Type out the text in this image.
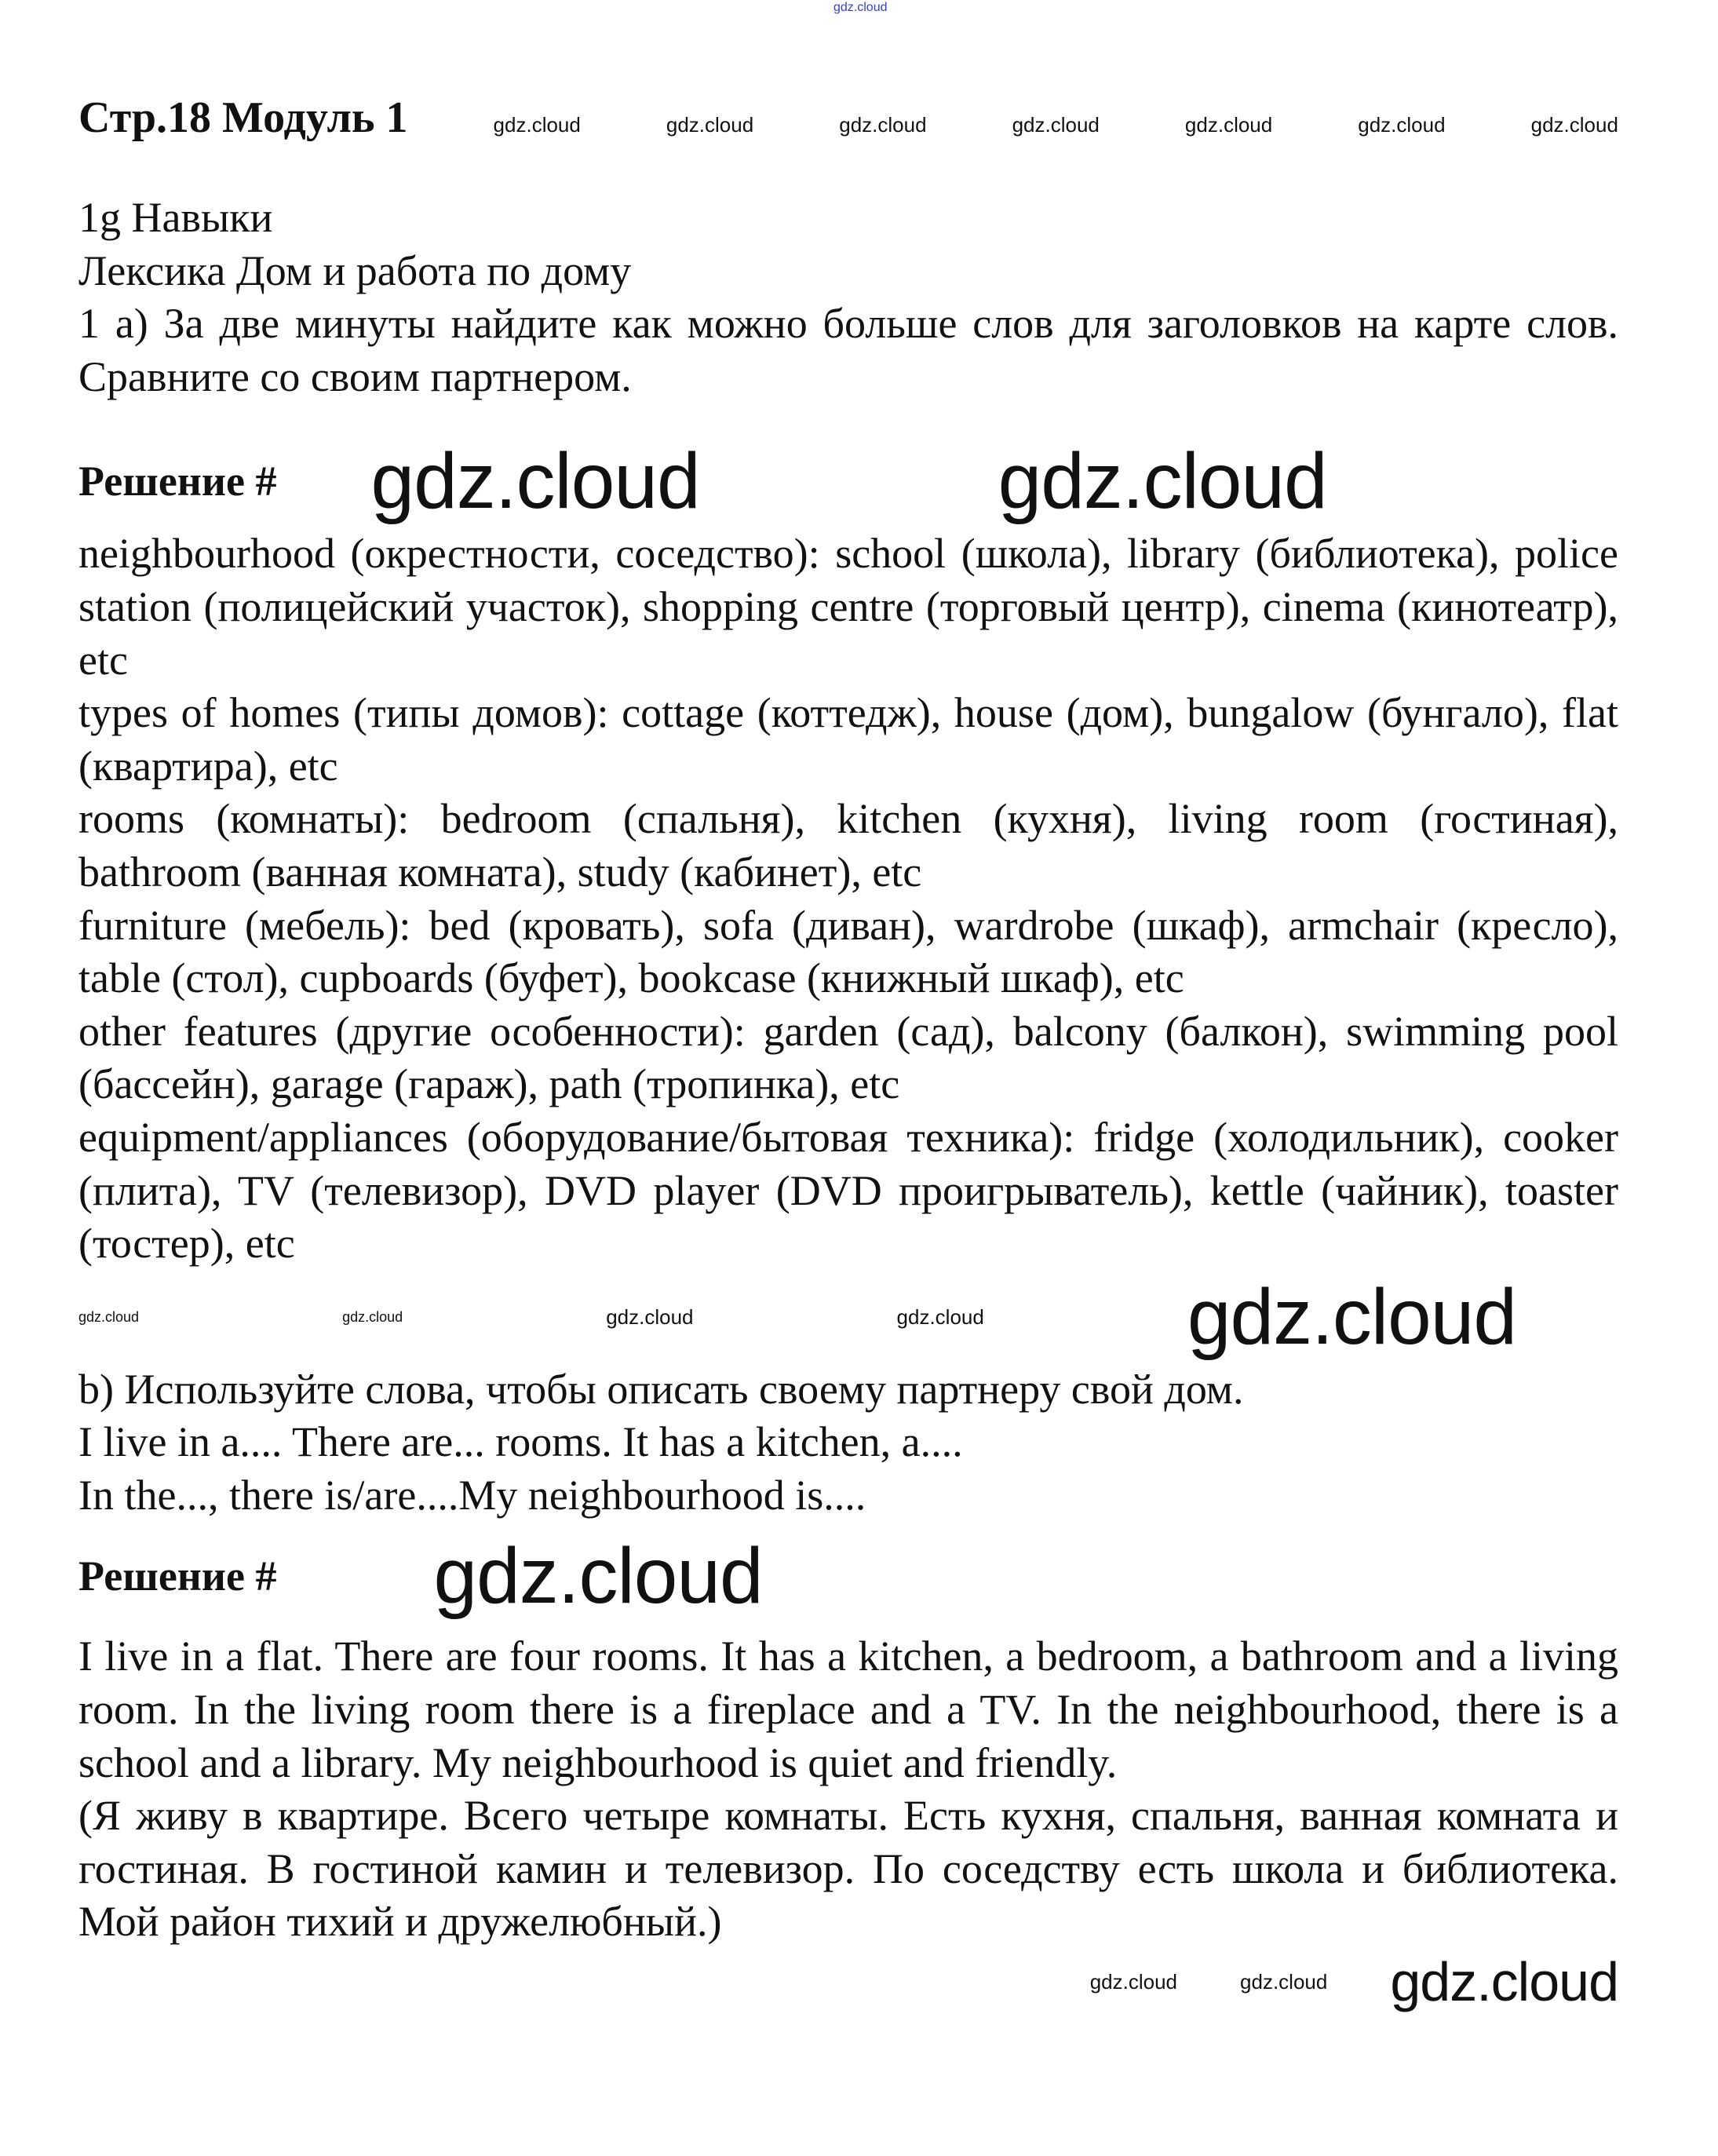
gdz.cloud
Стр.18 Модуль 1	gdz.cloud	gdz.cloud	gdz.cloud	gdz.cloud	gdz.cloud	gdz.cloud	gdz.cloud

1g Навыки

Лексика Дом и работа по дому

1 а) За две минуты найдите как можно больше слов для заголовков на карте слов. Сравните со своим партнером.

Решение # gdz.cloud	gdz.cloud

neighbourhood (окрестности, соседство): school (школа), library (библиотека), police station (полицейский участок), shopping centre (торговый центр), cinema (кинотеатр), etc

types of homes (типы домов): cottage (коттедж), house (дом), bungalow (бунгало), flat (квартира), etc

rooms (комнаты): bedroom (спальня), kitchen (кухня), living room (гостиная), bathroom (ванная комната), study (кабинет), etc

furniture (мебель): bed (кровать), sofa (диван), wardrobe (шкаф), armchair (кресло), table (стол), cupboards (буфет), bookcase (книжный шкаф), etc

other features (другие особенности): garden (сад), balcony (балкон), swimming pool (бассейн), garage (гараж), path (тропинка), etc

equipment/appliances (оборудование/бытовая техника): fridge (холодильник), cooker (плита), TV (телевизор), DVD player (DVD проигрыватель), kettle (чайник), toaster (тостер), etc

gdz.cloud	gdz.cloud	gdz.cloud	gdz.cloud	gdz.cloud

b) Используйте слова, чтобы описать своему партнеру свой дом.

I live in a.... There are... rooms. It has a kitchen, a....

In the..., there is/are....My neighbourhood is....

Решение # gdz.cloud

I live in a flat. There are four rooms. It has a kitchen, a bedroom, a bathroom and a living room. In the living room there is a fireplace and a TV. In the neighbourhood, there is a school and a library. My neighbourhood is quiet and friendly.

(Я живу в квартире. Всего четыре комнаты. Есть кухня, спальня, ванная комната и гостиная. В гостиной камин и телевизор. По соседству есть школа и библиотека. Мой район тихий и дружелюбный.)

gdz.cloud	gdz.cloud gdz.cloud
